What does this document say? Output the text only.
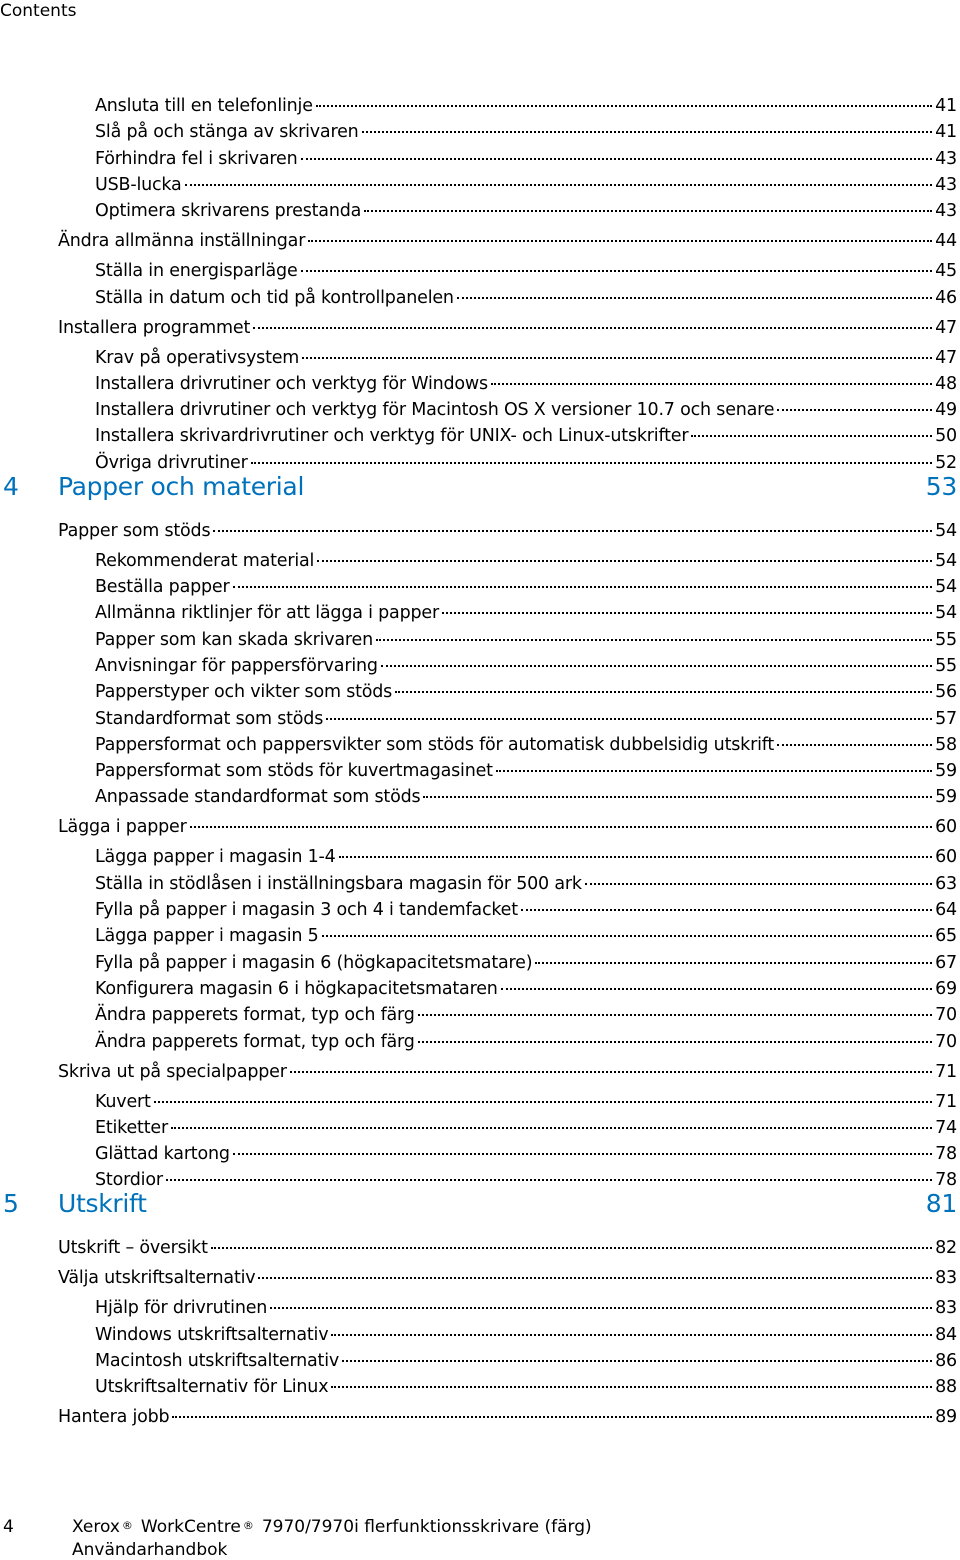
Contents
Ansluta till en telefonlinje	41
Slå på och stänga av skrivaren	41
Förhindra fel i skrivaren	43
USB-lucka	43
Optimera skrivarens prestanda	43
Ändra allmänna inställningar	44
Ställa in energisparläge	45
Ställa in datum och tid på kontrollpanelen	46
Installera programmet	47
Krav på operativsystem	47
Installera drivrutiner och verktyg för Windows	48
Installera drivrutiner och verktyg för Macintosh OS X versioner 10.7 och senare	49
Installera skrivardrivrutiner och verktyg för UNIX- och Linux-utskrifter	50
Övriga drivrutiner	52
4 Papper och material	53
Papper som stöds	54
Rekommenderat material	54
Beställa papper	54
Allmänna riktlinjer för att lägga i papper	54
Papper som kan skada skrivaren	55
Anvisningar för pappersförvaring	55
Papperstyper och vikter som stöds	56
Standardformat som stöds	57
Pappersformat och pappersvikter som stöds för automatisk dubbelsidig utskrift	58
Pappersformat som stöds för kuvertmagasinet	59
Anpassade standardformat som stöds	59
Lägga i papper	60
Lägga papper i magasin 1-4	60
Ställa in stödlåsen i inställningsbara magasin för 500 ark	63
Fylla på papper i magasin 3 och 4 i tandemfacket	64
Lägga papper i magasin 5	65
Fylla på papper i magasin 6 (högkapacitetsmatare)	67
Konfigurera magasin 6 i högkapacitetsmataren	69
Ändra papperets format, typ och färg	70
Ändra papperets format, typ och färg	70
Skriva ut på specialpapper	71
Kuvert	71
Etiketter	74
Glättad kartong	78
Stordior	78
5 Utskrift	81
Utskrift – översikt	82
Välja utskriftsalternativ	83
Hjälp för drivrutinen	83
Windows utskriftsalternativ	84
Macintosh utskriftsalternativ	86
Utskriftsalternativ för Linux	88
Hantera jobb	89
4	Xerox ® WorkCentre ® 7970/7970i flerfunktionsskrivare (färg)
Användarhandbok
